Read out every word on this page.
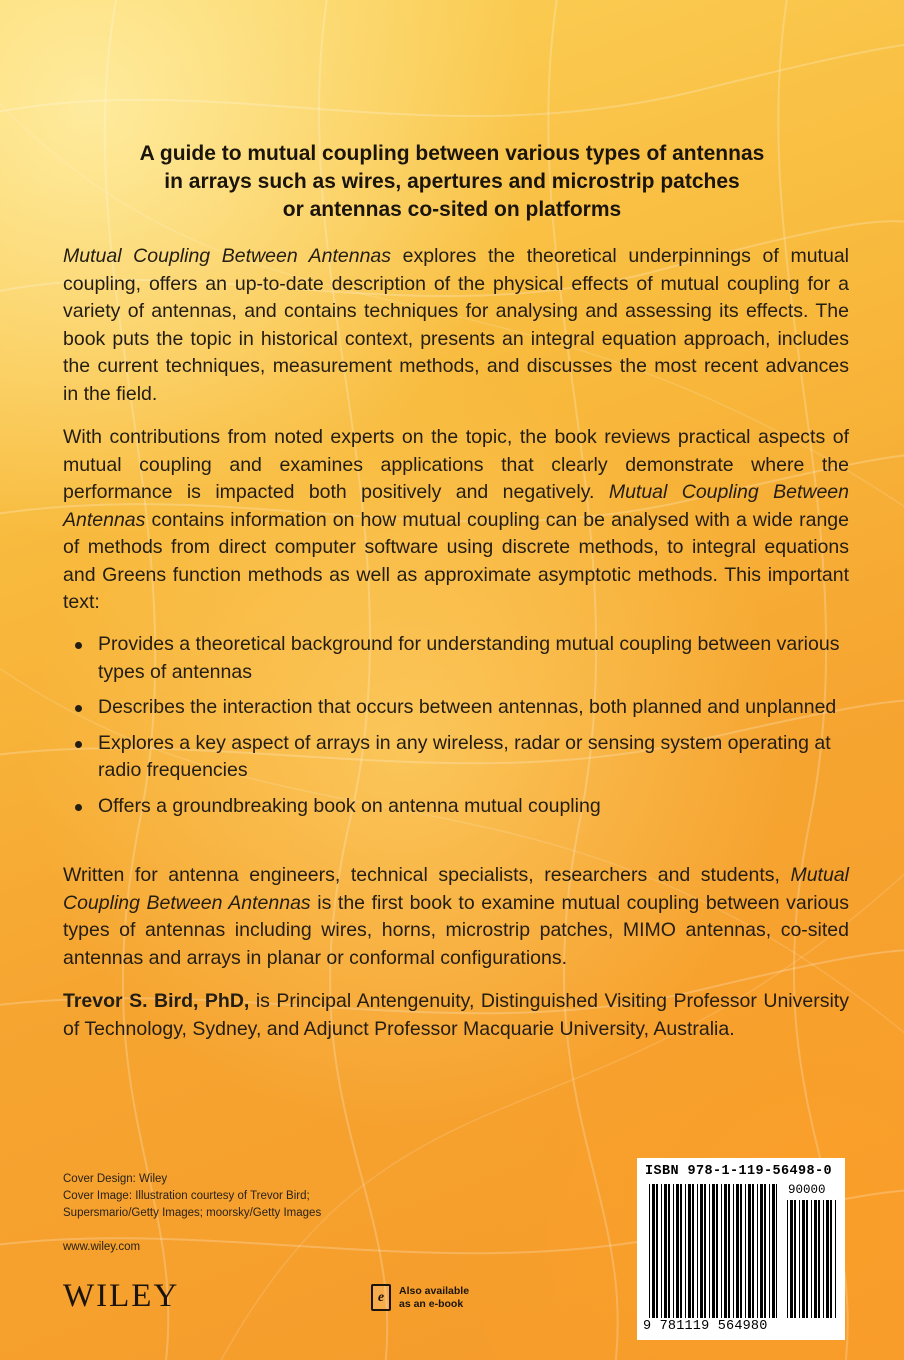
A guide to mutual coupling between various types of antennas
in arrays such as wires, apertures and microstrip patches
or antennas co-sited on platforms

Mutual Coupling Between Antennas explores the theoretical underpinnings of mutual coupling, offers an up-to-date description of the physical effects of mutual coupling for a variety of antennas, and contains techniques for analysing and assessing its effects. The book puts the topic in historical context, presents an integral equation approach, includes the current techniques, measurement methods, and discusses the most recent advances in the field.

With contributions from noted experts on the topic, the book reviews practical aspects of mutual coupling and examines applications that clearly demonstrate where the performance is impacted both positively and negatively. Mutual Coupling Between Antennas contains information on how mutual coupling can be analysed with a wide range of methods from direct computer software using discrete methods, to integral equations and Greens function methods as well as approximate asymptotic methods. This important text:

Provides a theoretical background for understanding mutual coupling between various types of antennas
Describes the interaction that occurs between antennas, both planned and unplanned
Explores a key aspect of arrays in any wireless, radar or sensing system operating at radio frequencies
Offers a groundbreaking book on antenna mutual coupling

Written for antenna engineers, technical specialists, researchers and students, Mutual Coupling Between Antennas is the first book to examine mutual coupling between various types of antennas including wires, horns, microstrip patches, MIMO antennas, co-sited antennas and arrays in planar or conformal configurations.

Trevor S. Bird, PhD, is Principal Antengenuity, Distinguished Visiting Professor University of Technology, Sydney, and Adjunct Professor Macquarie University, Australia.

Cover Design: Wiley
Cover Image: Illustration courtesy of Trevor Bird;
Supersmario/Getty Images; moorsky/Getty Images
www.wiley.com
WILEY	e	Also available
as an e-book
ISBN 978-1-119-56498-0
90000
9 781119 564980
